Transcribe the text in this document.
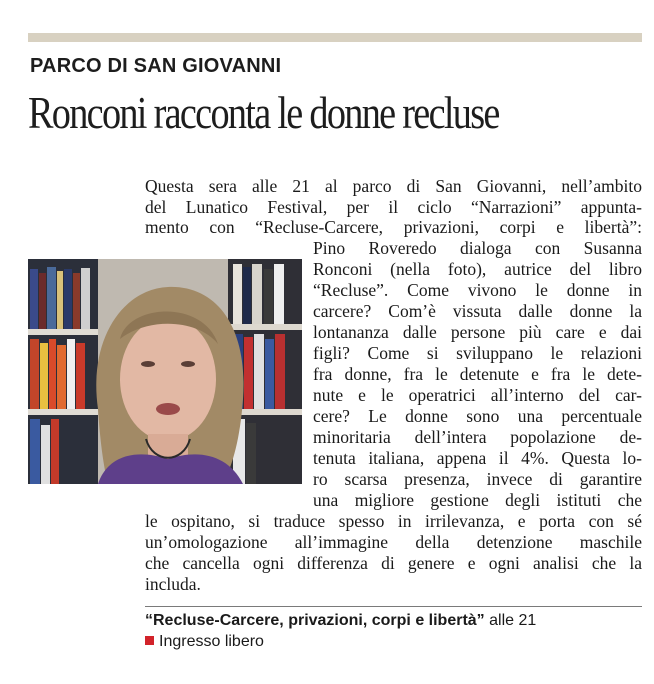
PARCO DI SAN GIOVANNI
Ronconi racconta le donne recluse
Questa sera alle 21 al parco di San Giovanni, nell’ambito
del Lunatico Festival, per il ciclo “Narrazioni” appunta-
mento con “Recluse-Carcere, privazioni, corpi e libertà”:
Pino Roveredo dialoga con Susanna
Ronconi (nella foto), autrice del libro
“Recluse”. Come vivono le donne in
carcere? Com’è vissuta dalle donne la
lontananza dalle persone più care e dai
figli? Come si sviluppano le relazioni
fra donne, fra le detenute e fra le dete-
nute e le operatrici all’interno del car-
cere? Le donne sono una percentuale
minoritaria dell’intera popolazione de-
tenuta italiana, appena il 4%. Questa lo-
ro scarsa presenza, invece di garantire
una migliore gestione degli istituti che
le ospitano, si traduce spesso in irrilevanza, e porta con sé
un’omologazione all’immagine della detenzione maschile
che cancella ogni differenza di genere e ogni analisi che la
includa.
“Recluse-Carcere, privazioni, corpi e libertà” alle 21
Ingresso libero
